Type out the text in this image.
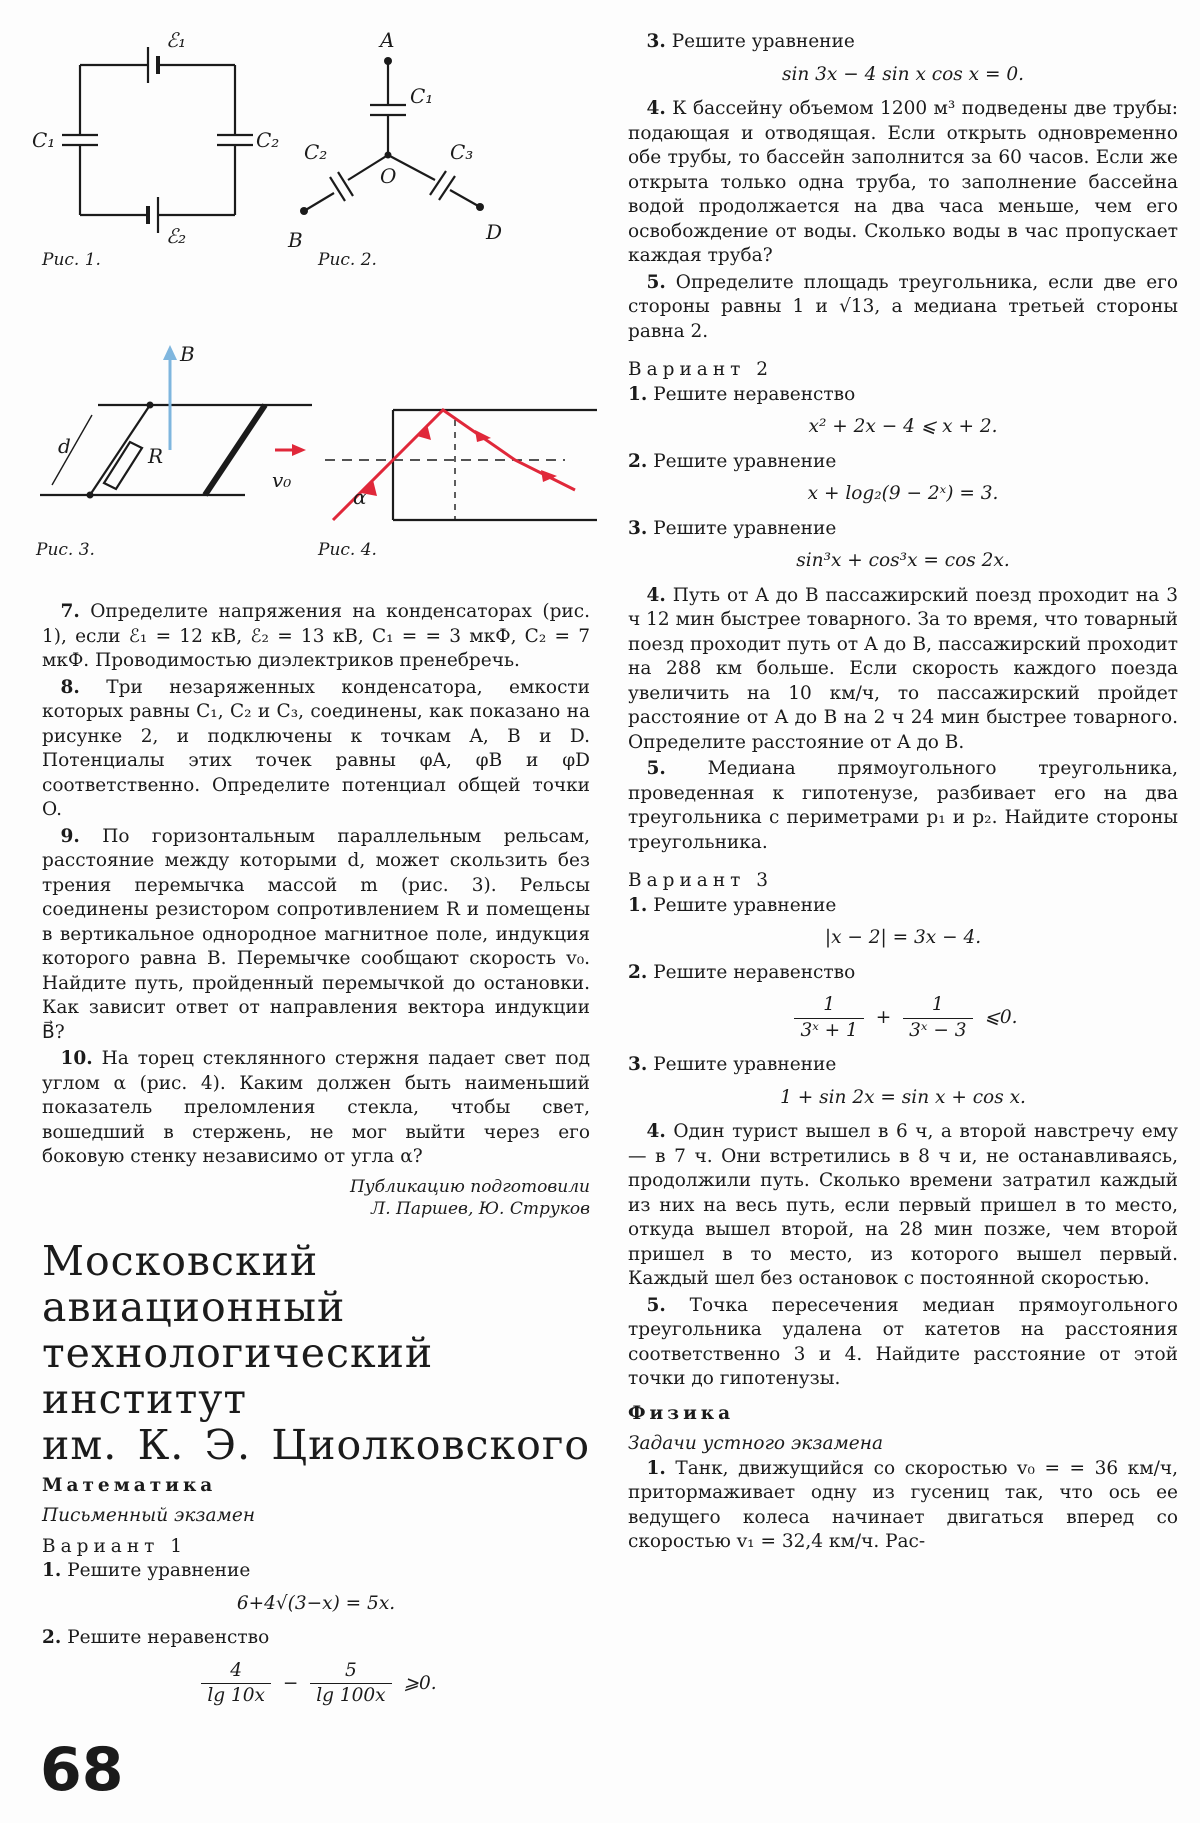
ℰ₁
ℰ₂
C₁	C₂
Рис. 1.
A
C₁
C₂	C₃
O
B	D
Рис. 2.
B
d	R
v₀
Рис. 3.
α
Рис. 4.

 7. Определите напряжения на конденсаторах (рис. 1), если ℰ₁ = 12 кВ, ℰ₂ = 13 кВ, C₁ = = 3 мкФ, C₂ = 7 мкФ. Проводимостью диэлектриков пренебречь.

 8. Три незаряженных конденсатора, емкости которых равны C₁, C₂ и C₃, соединены, как показано на рисунке 2, и подключены к точкам A, B и D. Потенциалы этих точек равны φA, φB и φD соответственно. Определите потенциал общей точки O.

 9. По горизонтальным параллельным рельсам, расстояние между которыми d, может скользить без трения перемычка массой m (рис. 3). Рельсы соединены резистором сопротивлением R и помещены в вертикальное однородное магнитное поле, индукция которого равна B. Перемычке сообщают скорость v₀. Найдите путь, пройденный перемычкой до остановки. Как зависит ответ от направления вектора индукции B⃗?

 10. На торец стеклянного стержня падает свет под углом α (рис. 4). Каким должен быть наименьший показатель преломления стекла, чтобы свет, вошедший в стержень, не мог выйти через его боковую стенку независимо от угла α?

Публикацию подготовили
Л. Паршев, Ю. Струков
Московский авиационный
технологический институт
им. К. Э. Циолковского
Математика
Письменный экзамен
Вариант 1
1. Решите уравнение
6+4√(3−x) = 5x.
2. Решите неравенство
$\frac{4}{\lg 10x} - \frac{5}{\lg 100x}$ ⩾0.
 3. Решите уравнение
sin 3x − 4 sin x cos x = 0.

 4. К бассейну объемом 1200 м³ подведены две трубы: подающая и отводящая. Если открыть одновременно обе трубы, то бассейн заполнится за 60 часов. Если же открыта только одна труба, то заполнение бассейна водой продолжается на два часа меньше, чем его освобождение от воды. Сколько воды в час пропускает каждая труба?

 5. Определите площадь треугольника, если две его стороны равны 1 и √13, а медиана третьей стороны равна 2.

Вариант 2
1. Решите неравенство
x² + 2x − 4 ⩽ x + 2.
2. Решите уравнение
x + log₂(9 − 2ˣ) = 3.
3. Решите уравнение
sin³x + cos³x = cos 2x.

 4. Путь от A до B пассажирский поезд проходит на 3 ч 12 мин быстрее товарного. За то время, что товарный поезд проходит путь от A до B, пассажирский проходит на 288 км больше. Если скорость каждого поезда увеличить на 10 км/ч, то пассажирский пройдет расстояние от A до B на 2 ч 24 мин быстрее товарного. Определите расстояние от A до B.

 5. Медиана прямоугольного треугольника, проведенная к гипотенузе, разбивает его на два треугольника с периметрами p₁ и p₂. Найдите стороны треугольника.

Вариант 3
1. Решите уравнение
|x − 2| = 3x − 4.
2. Решите неравенство
$\frac{1}{\text{3ˣ + 1}} + \frac{1}{\text{3ˣ − 3}}$ ⩽0.
3. Решите уравнение
1 + sin 2x = sin x + cos x.

 4. Один турист вышел в 6 ч, а второй навстречу ему — в 7 ч. Они встретились в 8 ч и, не останавливаясь, продолжили путь. Сколько времени затратил каждый из них на весь путь, если первый пришел в то место, откуда вышел второй, на 28 мин позже, чем второй пришел в то место, из которого вышел первый. Каждый шел без остановок с постоянной скоростью.

 5. Точка пересечения медиан прямоугольного треугольника удалена от катетов на расстояния соответственно 3 и 4. Найдите расстояние от этой точки до гипотенузы.

Физика
Задачи устного экзамена

 1. Танк, движущийся со скоростью v₀ = = 36 км/ч, притормаживает одну из гусениц так, что ось ее ведущего колеса начинает двигаться вперед со скоростью v₁ = 32,4 км/ч. Рас-

68
